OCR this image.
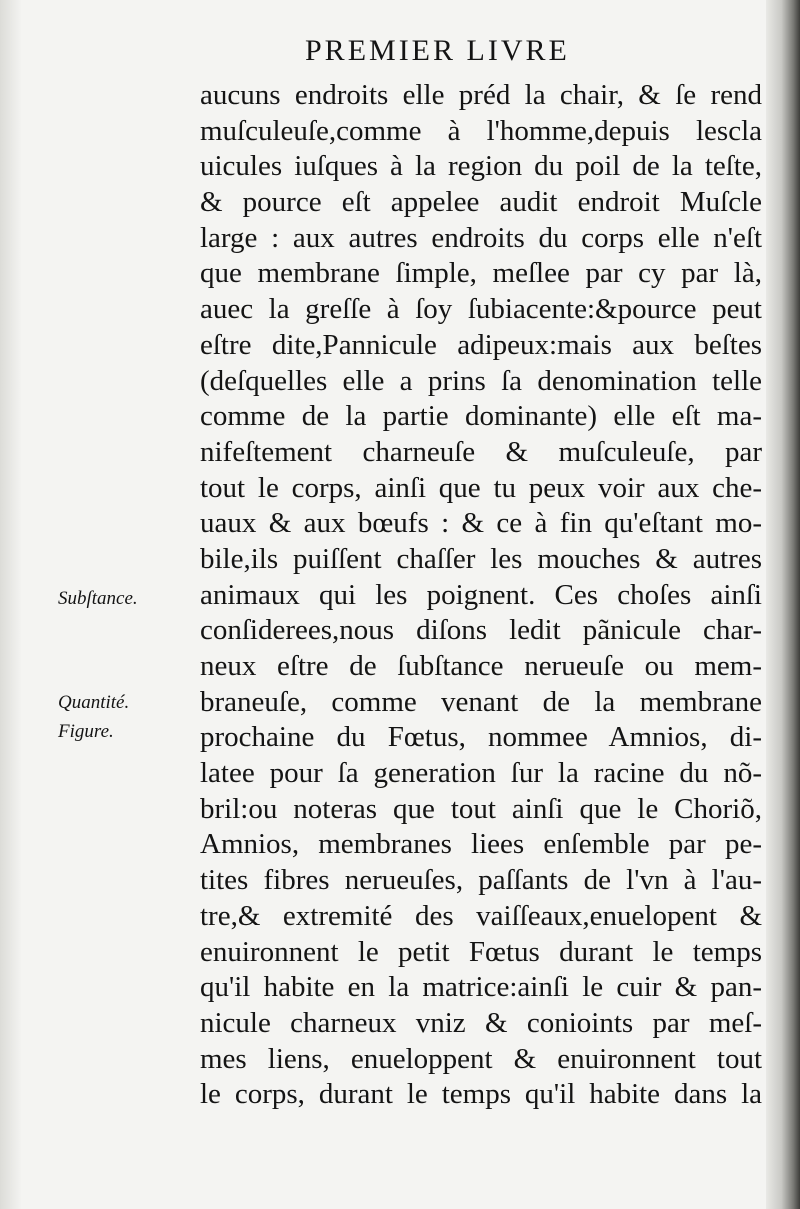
PREMIER LIVRE
aucuns endroits elle préd la chair, & ſe rend
muſculeuſe,comme à l'homme,depuis lescla
uicules iuſques à la region du poil de la teſte,
& pource eſt appelee audit endroit Muſcle
large : aux autres endroits du corps elle n'eſt
que membrane ſimple, meſlee par cy par là,
auec la greſſe à ſoy ſubiacente:&pource peut
eſtre dite,Pannicule adipeux:mais aux beſtes
(deſquelles elle a prins ſa denomination telle
comme de la partie dominante) elle eſt ma-
nifeſtement charneuſe & muſculeuſe, par
tout le corps, ainſi que tu peux voir aux che-
uaux & aux bœufs : & ce à fin qu'eſtant mo-
bile,ils puiſſent chaſſer les mouches & autres
animaux qui les poignent. Ces choſes ainſi
conſiderees,nous diſons ledit pãnicule char-
neux eſtre de ſubſtance nerueuſe ou mem-
braneuſe, comme venant de la membrane
prochaine du Fœtus, nommee Amnios, di-
latee pour ſa generation ſur la racine du nõ-
bril:ou noteras que tout ainſi que le Choriõ,
Amnios, membranes liees enſemble par pe-
tites fibres nerueuſes, paſſants de l'vn à l'au-
tre,& extremité des vaiſſeaux,enuelopent &
enuironnent le petit Fœtus durant le temps
qu'il habite en la matrice:ainſi le cuir & pan-
nicule charneux vniz & conioints par meſ-
mes liens, enueloppent & enuironnent tout
le corps, durant le temps qu'il habite dans la
Subſtance.
Quantité.
Figure.
